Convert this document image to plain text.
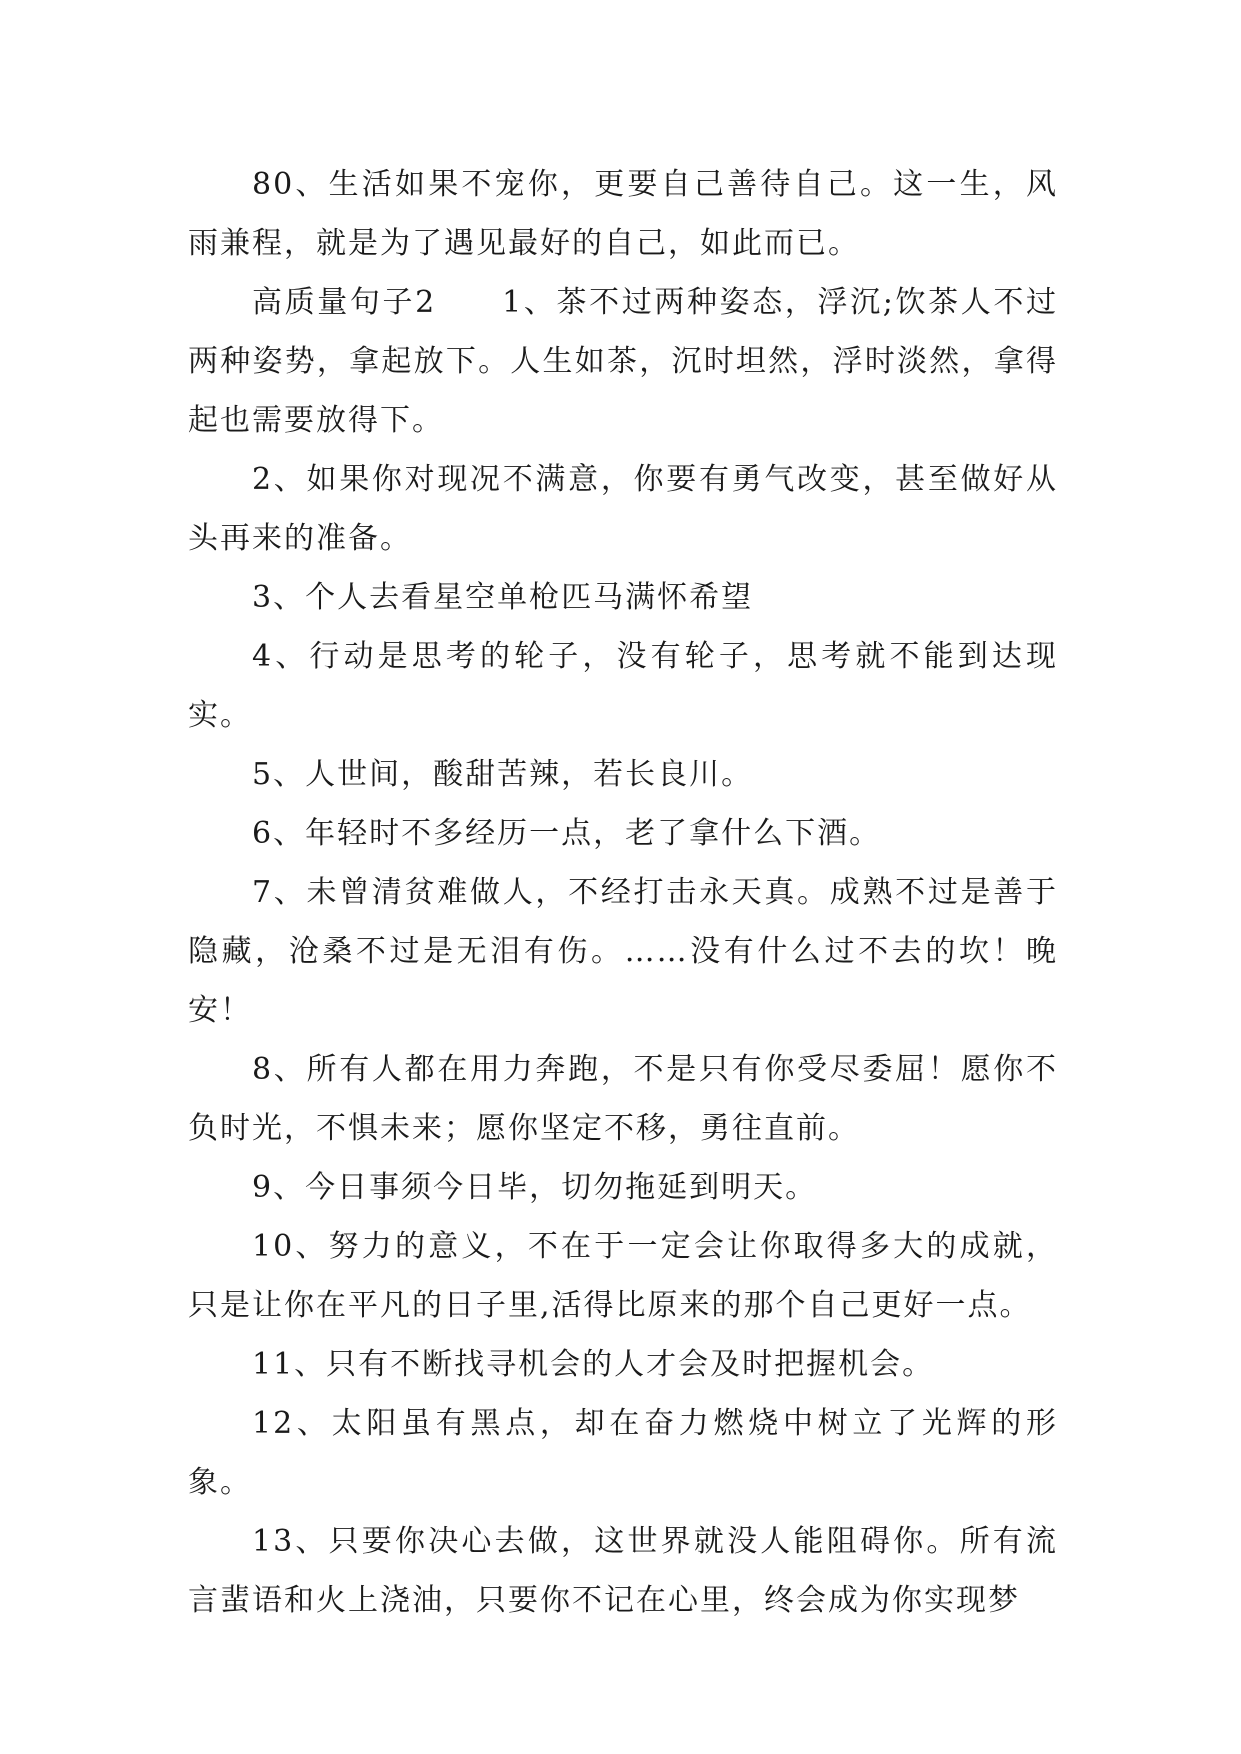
80、生活如果不宠你，更要自己善待自己。这一生，风雨兼程，就是为了遇见最好的自己，如此而已。

高质量句子2　　1、茶不过两种姿态，浮沉;饮茶人不过两种姿势，拿起放下。人生如茶，沉时坦然，浮时淡然，拿得起也需要放得下。

2、如果你对现况不满意，你要有勇气改变，甚至做好从头再来的准备。

3、个人去看星空单枪匹马满怀希望

4、行动是思考的轮子，没有轮子，思考就不能到达现实。

5、人世间，酸甜苦辣，若长良川。

6、年轻时不多经历一点，老了拿什么下酒。

7、未曾清贫难做人，不经打击永天真。成熟不过是善于隐藏，沧桑不过是无泪有伤。……没有什么过不去的坎！晚安！

8、所有人都在用力奔跑，不是只有你受尽委屈！愿你不负时光，不惧未来；愿你坚定不移，勇往直前。

9、今日事须今日毕，切勿拖延到明天。

10、努力的意义，不在于一定会让你取得多大的成就，只是让你在平凡的日子里,活得比原来的那个自己更好一点。

11、只有不断找寻机会的人才会及时把握机会。

12、太阳虽有黑点，却在奋力燃烧中树立了光辉的形象。

13、只要你决心去做，这世界就没人能阻碍你。所有流言蜚语和火上浇油，只要你不记在心里，终会成为你实现梦
